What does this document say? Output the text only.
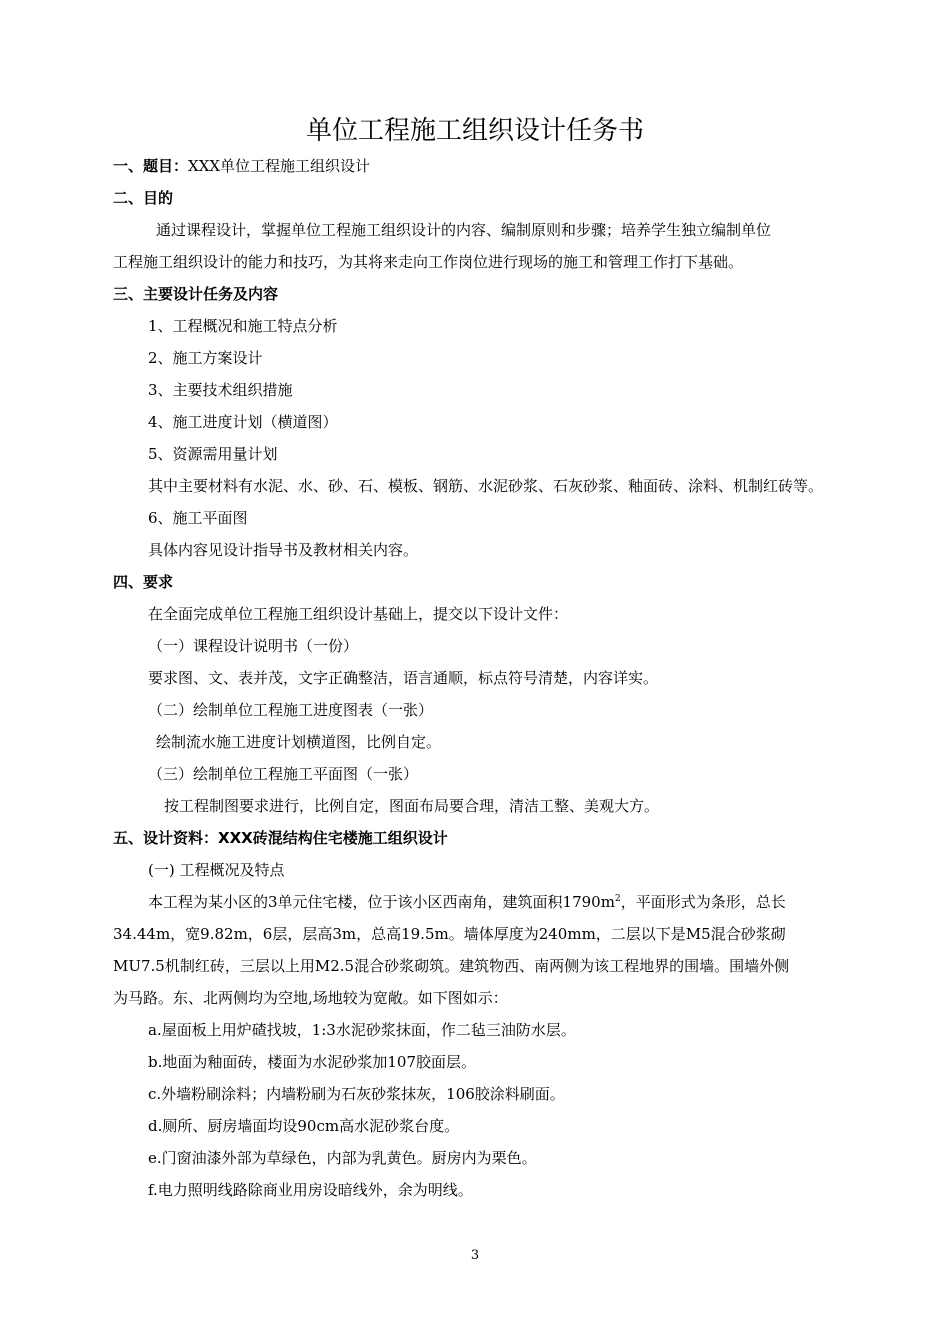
单位工程施工组织设计任务书
一、题目：XXX单位工程施工组织设计
二、目的
通过课程设计，掌握单位工程施工组织设计的内容、编制原则和步骤；培养学生独立编制单位
工程施工组织设计的能力和技巧，为其将来走向工作岗位进行现场的施工和管理工作打下基础。
三、主要设计任务及内容
1、工程概况和施工特点分析
2、施工方案设计
3、主要技术组织措施
4、施工进度计划（横道图）
5、资源需用量计划
其中主要材料有水泥、水、砂、石、模板、钢筋、水泥砂浆、石灰砂浆、釉面砖、涂料、机制红砖等。
6、施工平面图
具体内容见设计指导书及教材相关内容。
四、要求
在全面完成单位工程施工组织设计基础上，提交以下设计文件：
（一）课程设计说明书（一份）
要求图、文、表并茂，文字正确整洁，语言通顺，标点符号清楚，内容详实。
（二）绘制单位工程施工进度图表（一张）
绘制流水施工进度计划横道图，比例自定。
（三）绘制单位工程施工平面图（一张）
按工程制图要求进行，比例自定，图面布局要合理，清洁工整、美观大方。
五、设计资料：XXX砖混结构住宅楼施工组织设计
(一) 工程概况及特点
本工程为某小区的3单元住宅楼，位于该小区西南角，建筑面积$1790m^2$，平面形式为条形，总长
34.44m，宽9.82m，6层，层高3m，总高19.5m。墙体厚度为240mm，二层以下是M5混合砂浆砌
MU7.5机制红砖，三层以上用M2.5混合砂浆砌筑。建筑物西、南两侧为该工程地界的围墙。围墙外侧
为马路。东、北两侧均为空地,场地较为宽敞。如下图如示：
a.屋面板上用炉碴找坡，1:3水泥砂浆抹面，作二毡三油防水层。
b.地面为釉面砖，楼面为水泥砂浆加107胶面层。
c.外墙粉刷涂料；内墙粉刷为石灰砂浆抹灰，106胶涂料刷面。
d.厕所、厨房墙面均设90cm高水泥砂浆台度。
e.门窗油漆外部为草绿色，内部为乳黄色。厨房内为栗色。
f.电力照明线路除商业用房设暗线外，余为明线。
3
